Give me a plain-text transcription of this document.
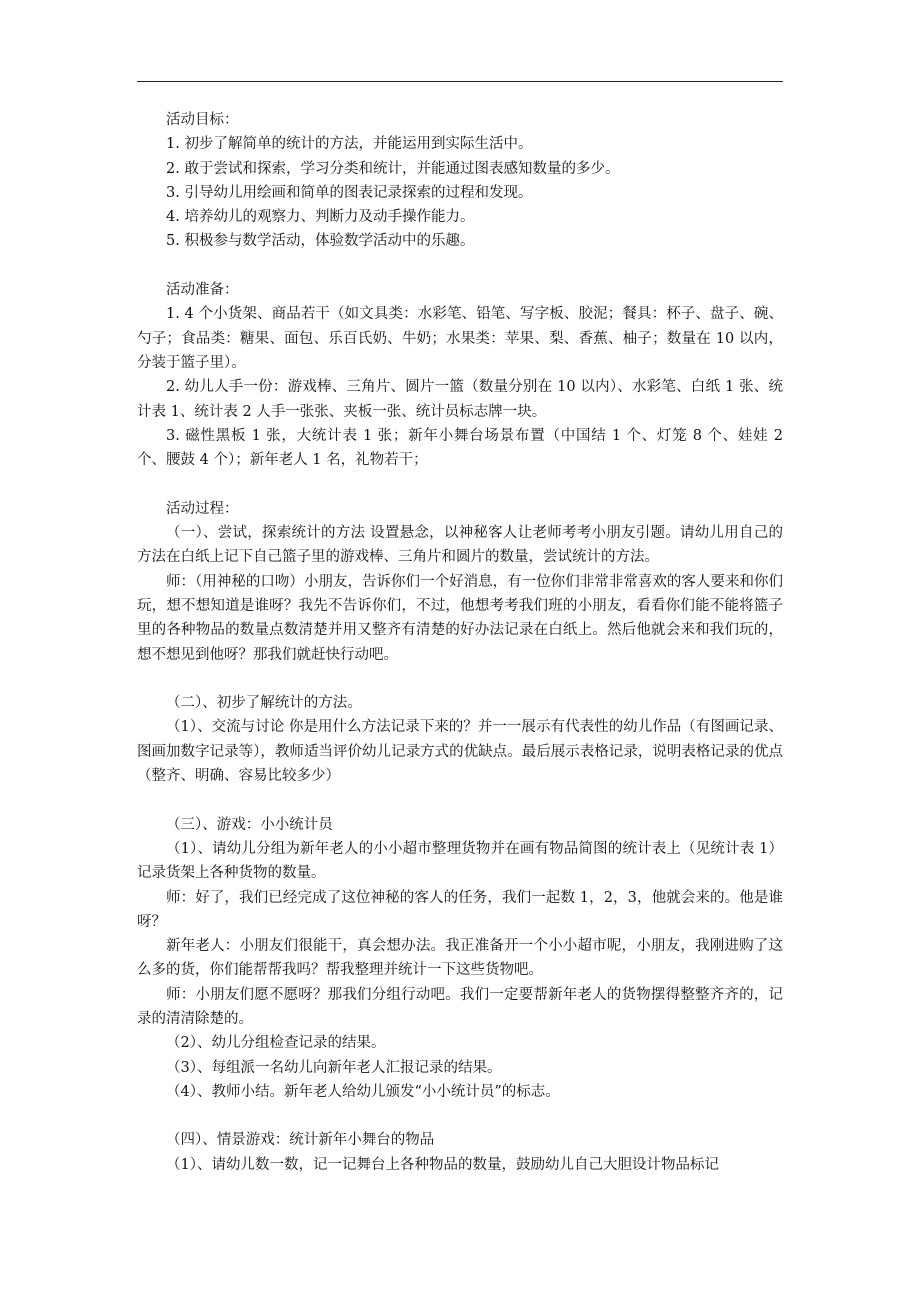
活动目标：

1. 初步了解简单的统计的方法，并能运用到实际生活中。

2. 敢于尝试和探索，学习分类和统计，并能通过图表感知数量的多少。

3. 引导幼儿用绘画和简单的图表记录探索的过程和发现。

4. 培养幼儿的观察力、判断力及动手操作能力。

5. 积极参与数学活动，体验数学活动中的乐趣。

活动准备：

1. 4 个小货架、商品若干（如文具类：水彩笔、铅笔、写字板、胶泥；餐具：杯子、盘子、碗、勺子；食品类：糖果、面包、乐百氏奶、牛奶；水果类：苹果、梨、香蕉、柚子；数量在 10 以内，分装于篮子里）。

2. 幼儿人手一份：游戏棒、三角片、圆片一篮（数量分别在 10 以内）、水彩笔、白纸 1 张、统计表 1、统计表 2 人手一张张、夹板一张、统计员标志牌一块。

3. 磁性黑板 1 张，大统计表 1 张；新年小舞台场景布置（中国结 1 个、灯笼 8 个、娃娃 2 个、腰鼓 4 个）；新年老人 1 名，礼物若干；

活动过程：

（一）、尝试，探索统计的方法 设置悬念，以神秘客人让老师考考小朋友引题。请幼儿用自己的方法在白纸上记下自己篮子里的游戏棒、三角片和圆片的数量，尝试统计的方法。

师：（用神秘的口吻）小朋友，告诉你们一个好消息，有一位你们非常非常喜欢的客人要来和你们玩，想不想知道是谁呀？我先不告诉你们，不过，他想考考我们班的小朋友，看看你们能不能将篮子里的各种物品的数量点数清楚并用又整齐有清楚的好办法记录在白纸上。然后他就会来和我们玩的，想不想见到他呀？那我们就赶快行动吧。

（二）、初步了解统计的方法。

（1）、交流与讨论 你是用什么方法记录下来的？并一一展示有代表性的幼儿作品（有图画记录、图画加数字记录等），教师适当评价幼儿记录方式的优缺点。最后展示表格记录，说明表格记录的优点（整齐、明确、容易比较多少）

（三）、游戏：小小统计员

（1）、请幼儿分组为新年老人的小小超市整理货物并在画有物品简图的统计表上（见统计表 1）记录货架上各种货物的数量。

师：好了，我们已经完成了这位神秘的客人的任务，我们一起数 1，2，3，他就会来的。他是谁呀？

新年老人：小朋友们很能干，真会想办法。我正准备开一个小小超市呢，小朋友，我刚进购了这么多的货，你们能帮帮我吗？帮我整理并统计一下这些货物吧。

师：小朋友们愿不愿呀？那我们分组行动吧。我们一定要帮新年老人的货物摆得整整齐齐的，记录的清清除楚的。

（2）、幼儿分组检查记录的结果。

（3）、每组派一名幼儿向新年老人汇报记录的结果。

（4）、教师小结。新年老人给幼儿颁发“小小统计员”的标志。

（四）、情景游戏：统计新年小舞台的物品

（1）、请幼儿数一数，记一记舞台上各种物品的数量，鼓励幼儿自己大胆设计物品标记
